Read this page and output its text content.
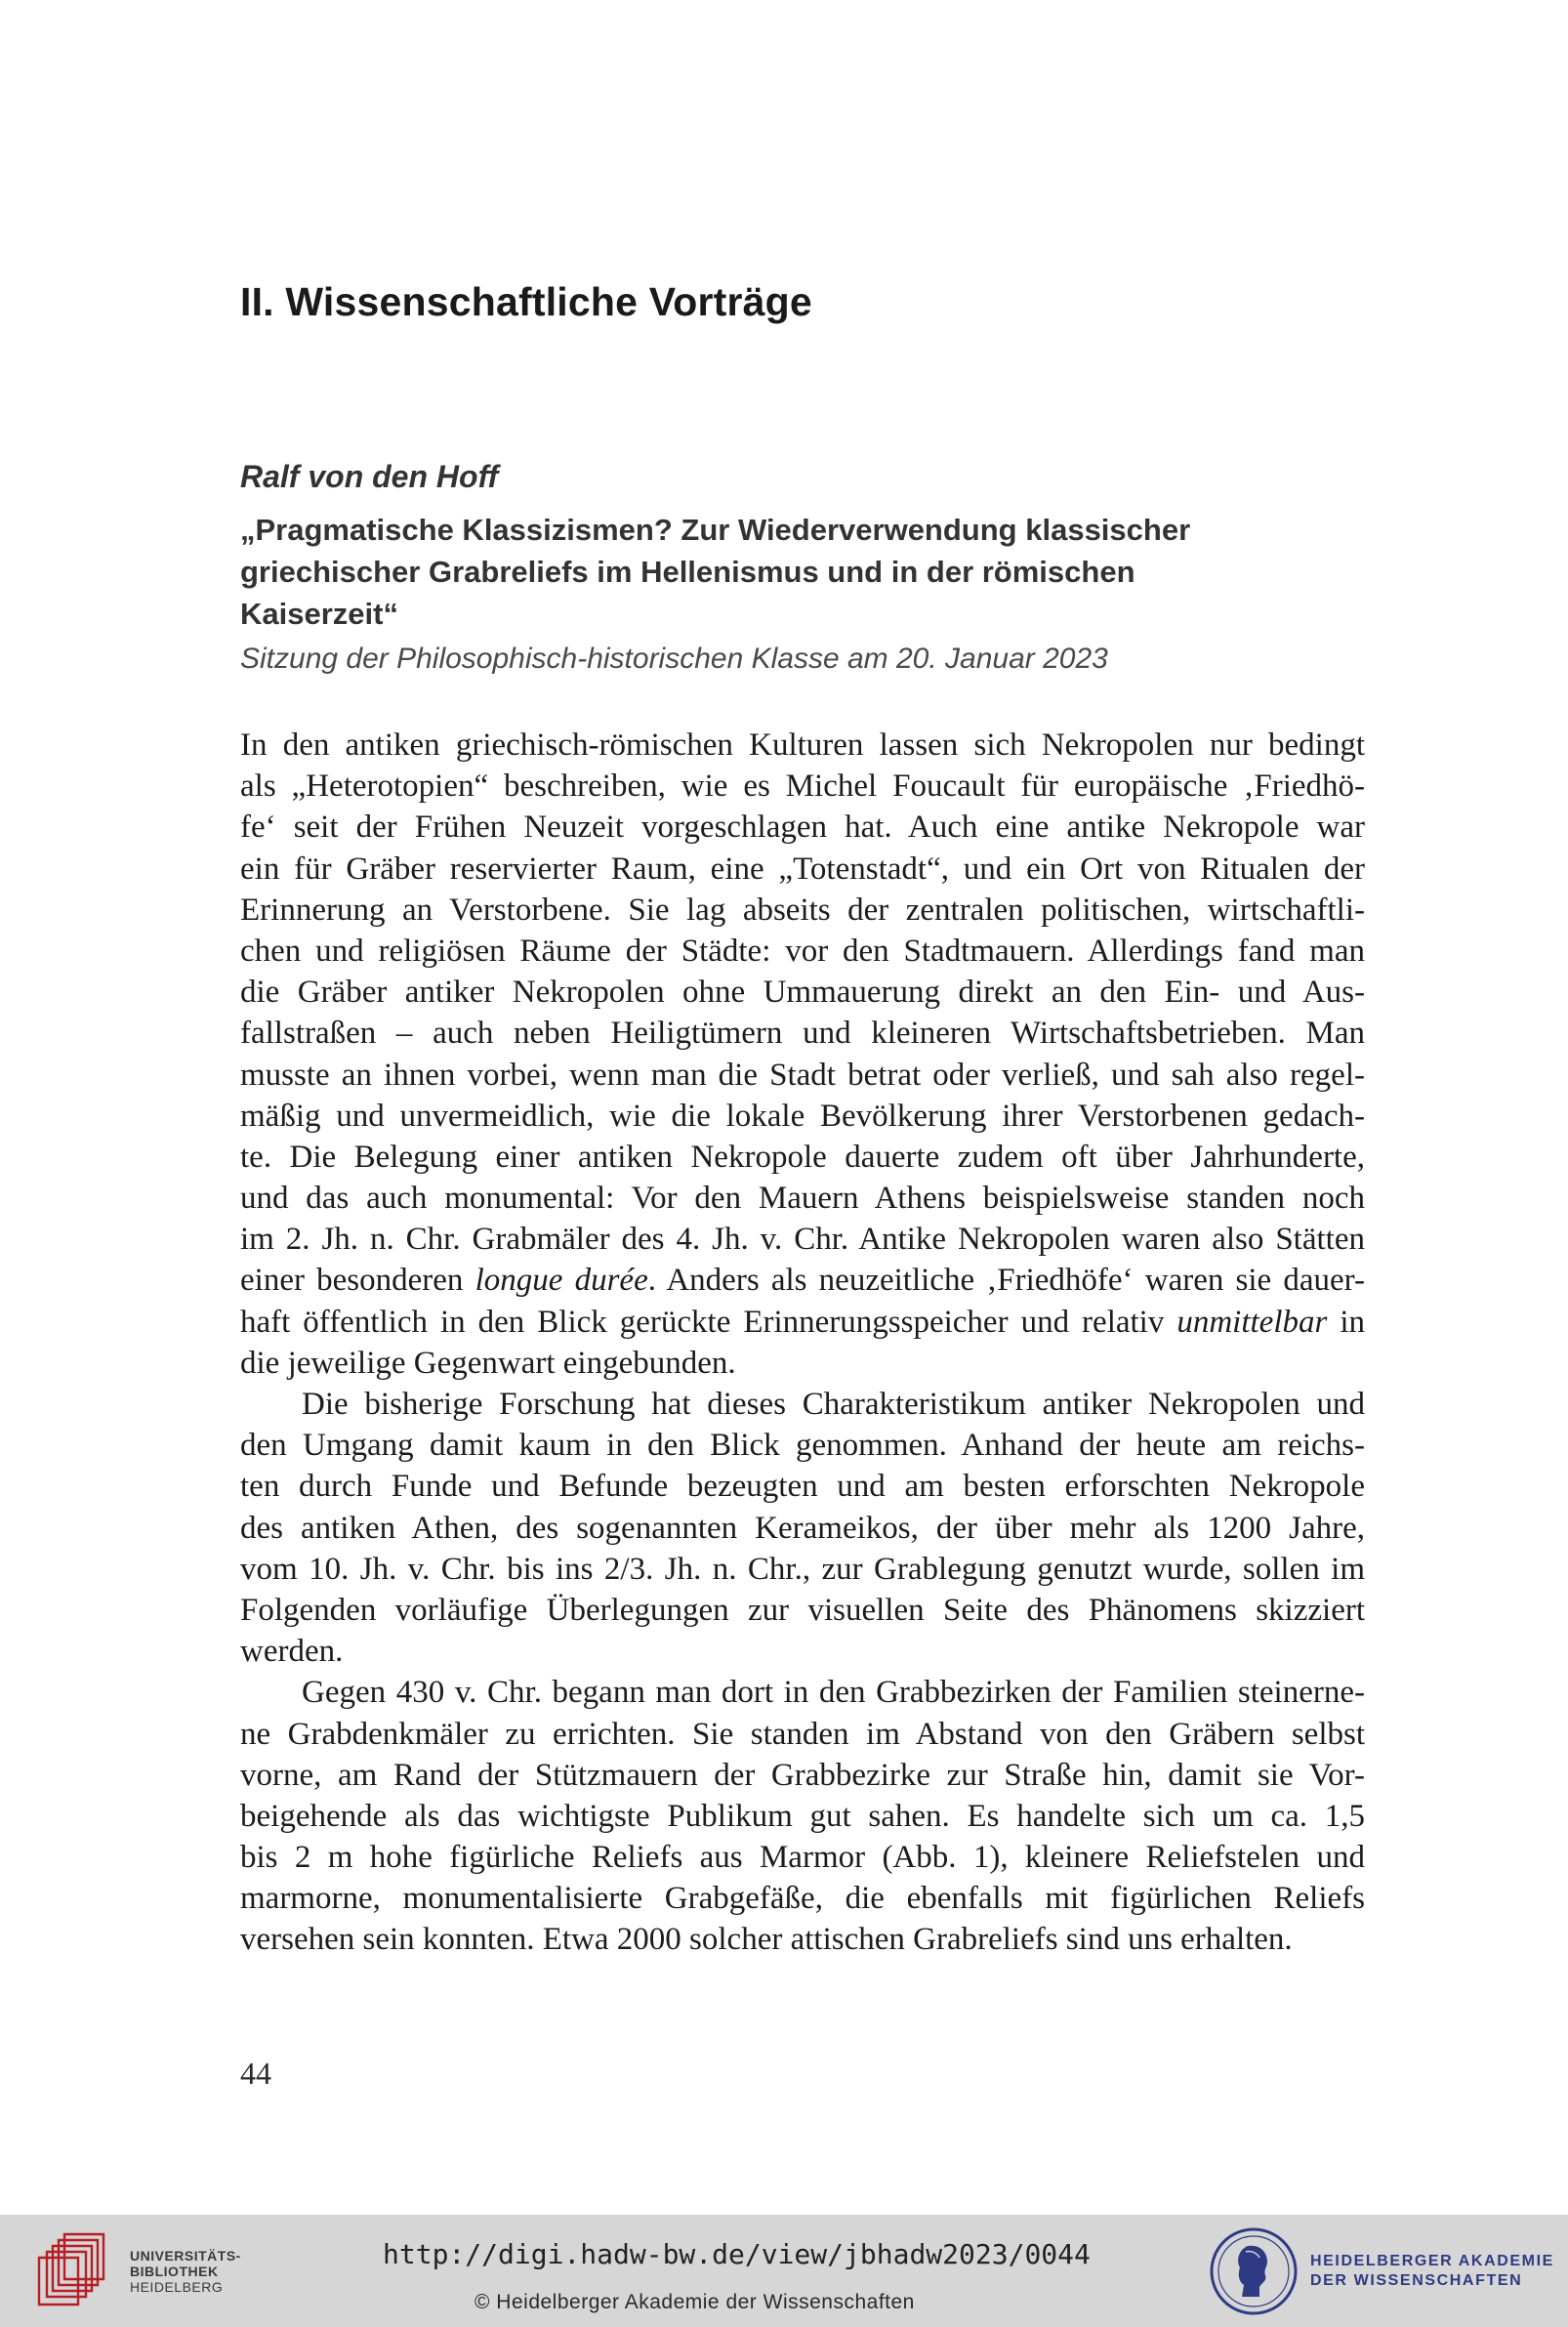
II. Wissenschaftliche Vorträge
Ralf von den Hoff
„Pragmatische Klassizismen? Zur Wiederverwendung klassischer
griechischer Grabreliefs im Hellenismus und in der römischen
Kaiserzeit“
Sitzung der Philosophisch-historischen Klasse am 20. Januar 2023
In den antiken griechisch-römischen Kulturen lassen sich Nekropolen nur bedingt
als „Heterotopien“ beschreiben, wie es Michel Foucault für europäische ‚Friedhö-
fe‘ seit der Frühen Neuzeit vorgeschlagen hat. Auch eine antike Nekropole war
ein für Gräber reservierter Raum, eine „Totenstadt“, und ein Ort von Ritualen der
Erinnerung an Verstorbene. Sie lag abseits der zentralen politischen, wirtschaftli-
chen und religiösen Räume der Städte: vor den Stadtmauern. Allerdings fand man
die Gräber antiker Nekropolen ohne Ummauerung direkt an den Ein- und Aus-
fallstraßen – auch neben Heiligtümern und kleineren Wirtschaftsbetrieben. Man
musste an ihnen vorbei, wenn man die Stadt betrat oder verließ, und sah also regel-
mäßig und unvermeidlich, wie die lokale Bevölkerung ihrer Verstorbenen gedach-
te. Die Belegung einer antiken Nekropole dauerte zudem oft über Jahrhunderte,
und das auch monumental: Vor den Mauern Athens beispielsweise standen noch
im 2. Jh. n. Chr. Grabmäler des 4. Jh. v. Chr. Antike Nekropolen waren also Stätten
einer besonderen longue durée. Anders als neuzeitliche ‚Friedhöfe‘ waren sie dauer-
haft öffentlich in den Blick gerückte Erinnerungsspeicher und relativ unmittelbar in
die jeweilige Gegenwart eingebunden.
Die bisherige Forschung hat dieses Charakteristikum antiker Nekropolen und
den Umgang damit kaum in den Blick genommen. Anhand der heute am reichs-
ten durch Funde und Befunde bezeugten und am besten erforschten Nekropole
des antiken Athen, des sogenannten Kerameikos, der über mehr als 1200 Jahre,
vom 10. Jh. v. Chr. bis ins 2/3. Jh. n. Chr., zur Grablegung genutzt wurde, sollen im
Folgenden vorläufige Überlegungen zur visuellen Seite des Phänomens skizziert
werden.
Gegen 430 v. Chr. begann man dort in den Grabbezirken der Familien steinerne-
ne Grabdenkmäler zu errichten. Sie standen im Abstand von den Gräbern selbst
vorne, am Rand der Stützmauern der Grabbezirke zur Straße hin, damit sie Vor-
beigehende als das wichtigste Publikum gut sahen. Es handelte sich um ca. 1,5
bis 2 m hohe figürliche Reliefs aus Marmor (Abb. 1), kleinere Reliefstelen und
marmorne, monumentalisierte Grabgefäße, die ebenfalls mit figürlichen Reliefs
versehen sein konnten. Etwa 2000 solcher attischen Grabreliefs sind uns erhalten.
44
UNIVERSITÄTS-
BIBLIOTHEK
HEIDELBERG
http://digi.hadw-bw.de/view/jbhadw2023/0044
© Heidelberger Akademie der Wissenschaften
HEIDELBERGER AKADEMIE
DER WISSENSCHAFTEN
